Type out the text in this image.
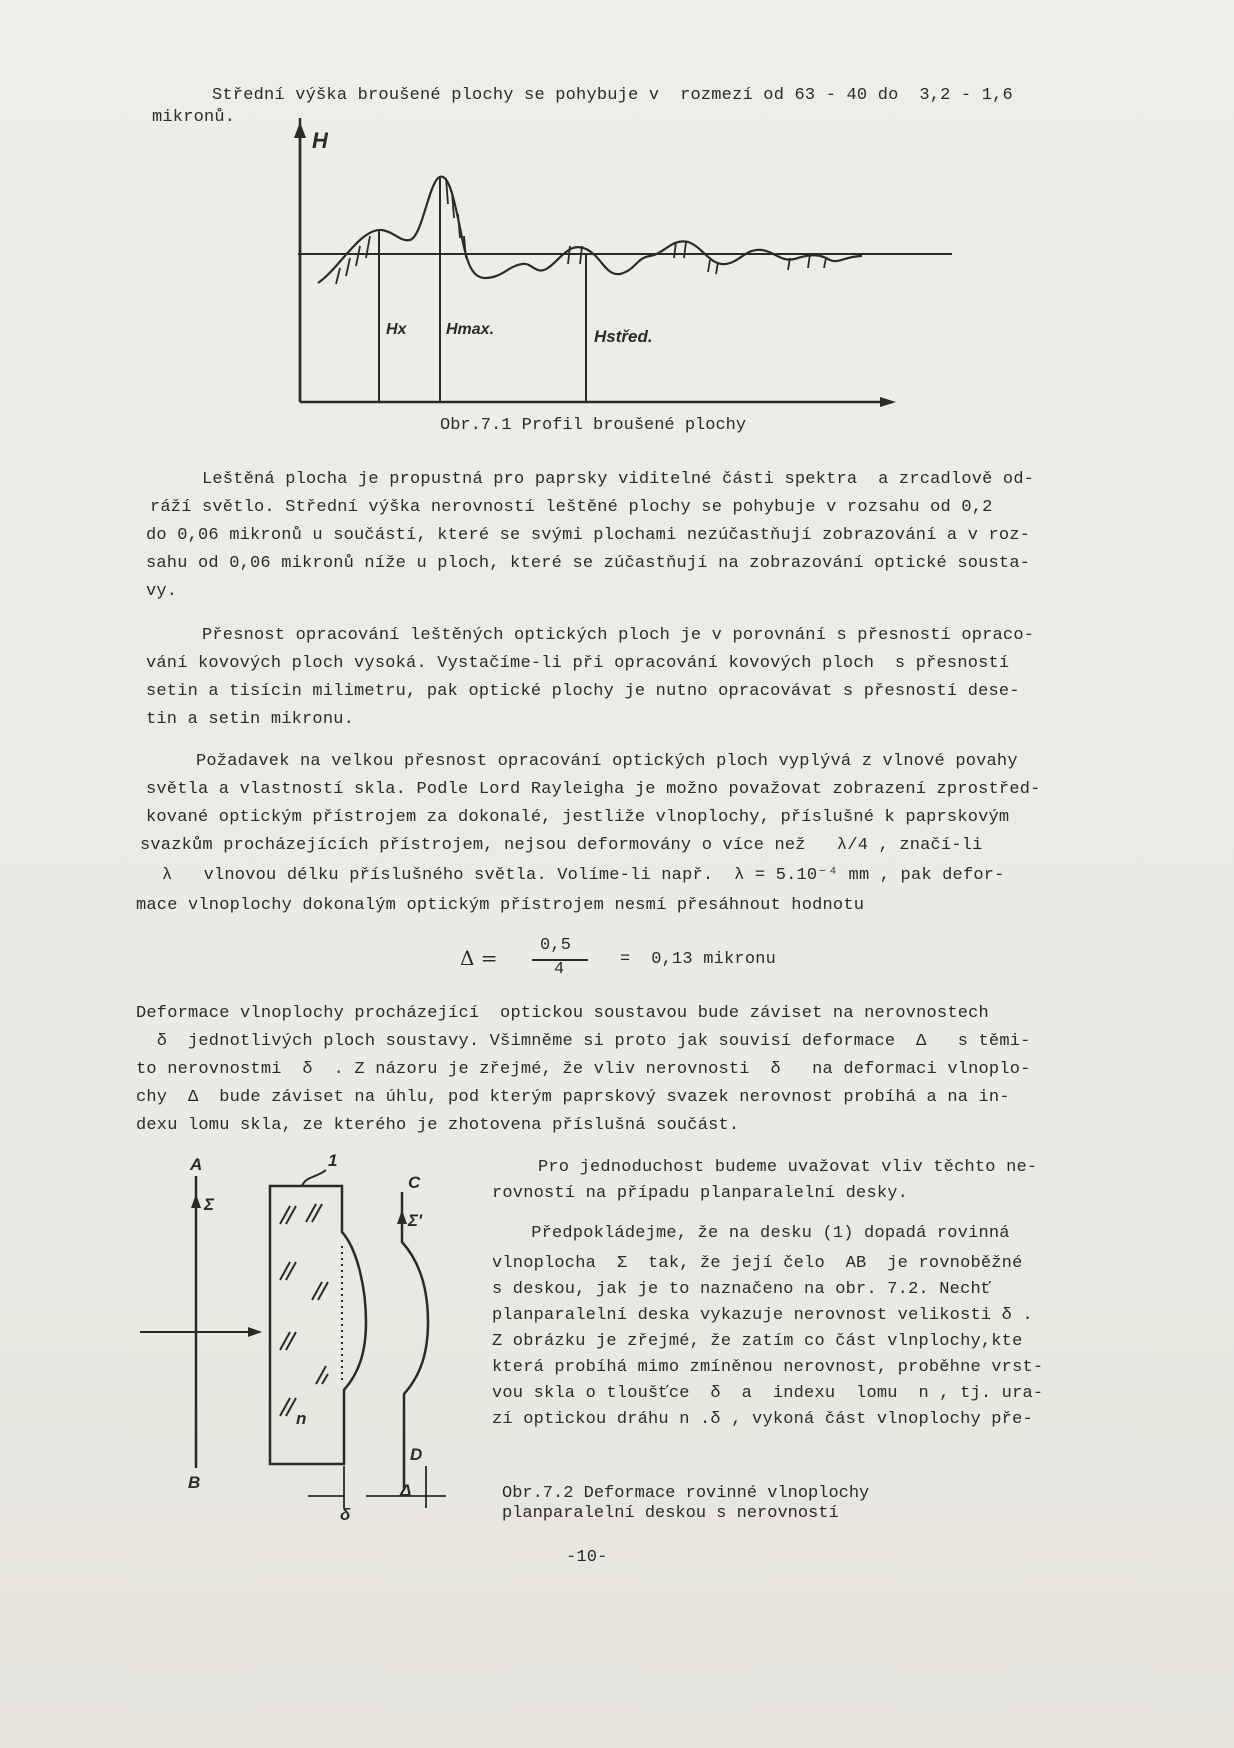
Střední výška broušené plochy se pohybuje v  rozmezí od 63 - 40 do  3,2 - 1,6
mikronů.
H
Hx Hmax.	Hstřed.
Obr.7.1 Profil broušené plochy
Leštěná plocha je propustná pro paprsky viditelné části spektra  a zrcadlově od-
ráží světlo. Střední výška nerovností leštěné plochy se pohybuje v rozsahu od 0,2
do 0,06 mikronů u součástí, které se svými plochami nezúčastňují zobrazování a v roz-
sahu od 0,06 mikronů níže u ploch, které se zúčastňují na zobrazování optické sousta-
vy.
Přesnost opracování leštěných optických ploch je v porovnání s přesností opraco-
vání kovových ploch vysoká. Vystačíme-li při opracování kovových ploch  s přesností
setin a tisícin milimetru, pak optické plochy je nutno opracovávat s přesností dese-
tin a setin mikronu.
Požadavek na velkou přesnost opracování optických ploch vyplývá z vlnové povahy
světla a vlastností skla. Podle Lord Rayleigha je možno považovat zobrazení zprostřed-
kované optickým přístrojem za dokonalé, jestliže vlnoplochy, příslušné k paprskovým
svazkům procházejících přístrojem, nejsou deformovány o více než   λ/4 , značí-li
λ   vlnovou délku příslušného světla. Volíme-li např.  λ = 5.10⁻⁴ mm , pak defor-
mace vlnoplochy dokonalým optickým přístrojem nesmí přesáhnout hodnotu
Δ =
0,5
4
=  0,13 mikronu
Deformace vlnoplochy procházející  optickou soustavou bude záviset na nerovnostech
δ  jednotlivých ploch soustavy. Všimněme si proto jak souvisí deformace  Δ   s těmi-
to nerovnostmi  δ  . Z názoru je zřejmé, že vliv nerovnosti  δ   na deformaci vlnoplo-
chy  Δ  bude záviset na úhlu, pod kterým paprskový svazek nerovnost probíhá a na in-
dexu lomu skla, ze kterého je zhotovena příslušná součást.
A
Σ
B
1
n
C
Σ'
D
δ
Δ
Pro jednoduchost budeme uvažovat vliv těchto ne-
rovností na případu planparalelní desky.
Předpokládejme, že na desku (1) dopadá rovinná
vlnoplocha  Σ  tak, že její čelo  AB  je rovnoběžné
s deskou, jak je to naznačeno na obr. 7.2. Nechť
planparalelní deska vykazuje nerovnost velikosti δ .
Z obrázku je zřejmé, že zatím co část vlnplochy,kte
která probíhá mimo zmíněnou nerovnost, proběhne vrst-
vou skla o tloušťce  δ  a  indexu  lomu  n , tj. ura-
zí optickou dráhu n .δ , vykoná část vlnoplochy pře-
Obr.7.2 Deformace rovinné vlnoplochy
planparalelní deskou s nerovností
-10-
